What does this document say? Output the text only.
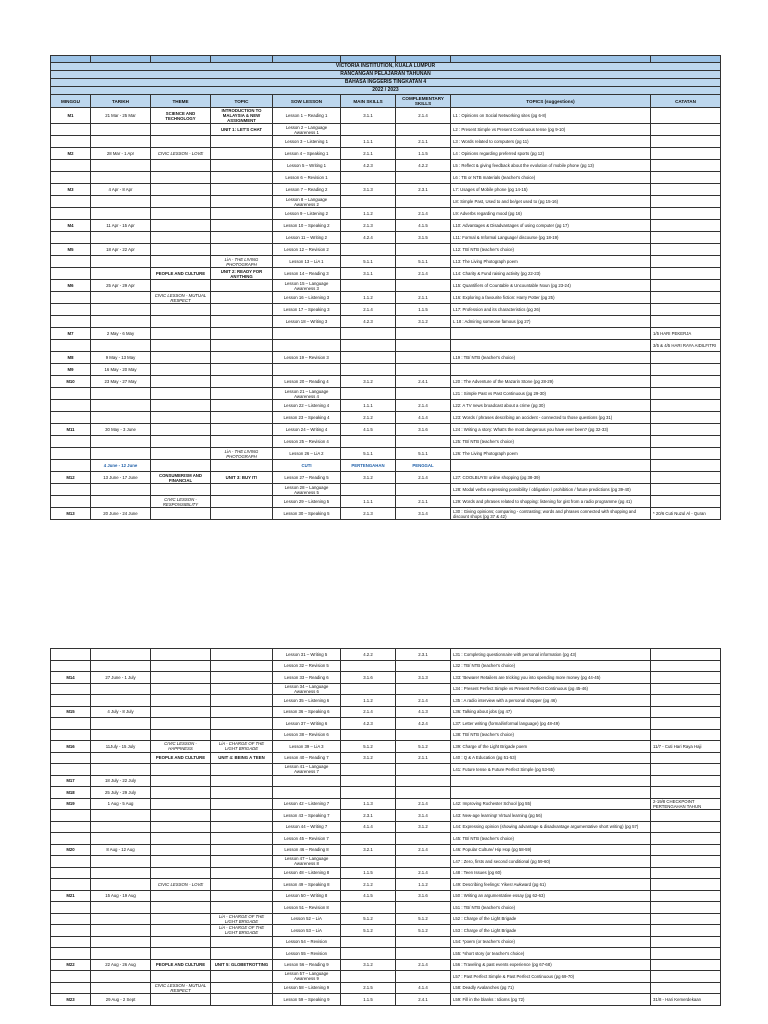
VICTORIA INSTITUTION, KUALA LUMPUR								
RANCANGAN PELAJARAN TAHUNAN								
BAHASA INGGERIS TINGKATAN 4								
2022 / 2023								
MINGGU	TARIKH	THEME	TOPIC	SOW LESSON	MAIN SKILLS	COMPLEMENTARY SKILLS	TOPICS (suggestions)	CATATAN
M1	21 Mar - 25 Mar	SCIENCE AND TECHNOLOGY	INTRODUCTION TO MALAYSIA & NEW ASSIGNMENT	Lesson 1 – Reading 1	3.1.1	2.1.4	L1 : Opinions on Social Networking sites (pg 6-8)	
			UNIT 1: LET'S CHAT	Lesson 2 – Language Awareness 1			L2 : Present Simple vs Present Continuous tense (pg 9-10)	
				Lesson 3 – Listening 1	1.1.1	2.1.1	L3 : Words related to computers (pg 11)	
M2	28 Mar - 1 Apr	CIVIC LESSON - LOVE		Lesson 4 – Speaking 1	2.1.1	1.1.5	L4 : Opinions regarding preferred sports (pg 12)	
				Lesson 5 – Writing 1	4.2.3	4.2.2	L5 : Reflect & giving feedback about the evolution of mobile phone (pg 13)	
				Lesson 6 – Revision 1			L6 : TB or NTB materials (teacher's choice)	
M3	4 Apr - 8 Apr			Lesson 7 – Reading 2	3.1.3	2.3.1	L7: Usages of Mobile phone (pg 14-15)	
				Lesson 8 – Language Awareness 2			L8: Simple Past, Used to and be/get used to (pg 15-16)	
				Lesson 9 – Listening 2	1.1.2	2.1.4	L9: Adverbs regarding mood (pg 16)	
M4	11 Apr - 15 Apr			Lesson 10 – Speaking 2	2.1.3	4.1.5	L10: Advantages & Disadvantages of using computer (pg 17)	
				Lesson 11 – Writing 2	4.2.4	3.1.5	L11: Formal & Informal Language/ discourse (pg 18-19)	
M5	18 Apr - 22 Apr			Lesson 12 – Revision 2			L12: TB/ NTB (teacher's choice)	
			LiA - THE LIVING PHOTOGRAPH	Lesson 13 – LiA 1	5.1.1	5.1.1	L13: The Living Photograph poem	
		PEOPLE AND CULTURE	UNIT 2: READY FOR ANYTHING	Lesson 14 – Reading 3	3.1.1	2.1.4	L14: Charity & Fund raising activity (pg 22-23)	
M6	25 Apr - 29 Apr			Lesson 15 – Language Awareness 3			L15: Quantifiers of Countable & Uncountable Noun (pg 23-24)	
		CIVIC LESSON - MUTUAL RESPECT		Lesson 16 – Listening 3	1.1.2	2.1.1	L16: Exploring a favourite fiction: Harry Potter (pg 25)	
				Lesson 17 – Speaking 3	2.1.4	1.1.5	L17: Profession and its characteristics (pg 26)	
				Lesson 18 – Writing 3	4.2.3	3.1.2	L 18 : Admiring someone famous (pg 27)	
M7	2 May - 6 May							1/5 HARI PEKERJA
								3/5 & 4/5 HARI RAYA AIDILFITRI
M8	9 May - 13 May			Lesson 19 – Revision 3			L19 : TB/ NTB (teacher's choice)	
M9	16 May - 20 May							
M10	23 May - 27 May			Lesson 20 – Reading 4	3.1.2	2.4.1	L20 : The Adventure of the Mazarin Stone (pg 28-29)	
				Lesson 21 – Language Awareness 4			L21 : Simple Past vs Past Continuous (pg 29-30)	
				Lesson 22 – Listening 4	1.1.1	2.1.4	L22: A TV news broadcast about a crime (pg 30)	
				Lesson 23 – Speaking 4	2.1.2	4.1.4	L23: Words / phrases describing an accident - connected to those questions (pg 31)	
M11	30 May - 3 June			Lesson 24 – Writing 4	4.1.5	3.1.6	L24 : Writing a story: What's the most dangerous you have ever been? (pg 32-33)	
				Lesson 25 – Revision 4			L25: TB/ NTB (teacher's choice)	
			LiA - THE LIVING PHOTOGRAPH	Lesson 26 – LiA 2	5.1.1	5.1.1	L26: The Living Photograph poem	
	4 June - 12 June			CUTI	PERTENGAHAN	PENGGAL		
M12	13 June - 17 June	CONSUMERISM AND FINANCIAL	UNIT 3: BUY IT!	Lesson 27 – Reading 5	3.1.2	2.1.4	L27: COOLBUYS! online shopping (pg 38-39)	
				Lesson 28 – Language Awareness 5			L28: Modal verbs expressing possibility / obligation / prohibition / future predictions (pg 39-40)	
		CIVIC LESSON - RESPONSIBILITY		Lesson 29 – Listening 5	1.1.1	2.1.1	L29: Words and phrases related to shopping: listening for gist from a radio programme (pg 41)	
M13	20 June - 24 June			Lesson 30 – Speaking 5	2.1.3	3.1.4	L30 : Giving opinions; comparing - contrasting; words and phrases connected with shopping and discount shops (pg 37 & 42)	* 20/6 Cuti Nuzul Al - Quran
				Lesson 31 – Writing 5	4.2.2	2.3.1	L31 : Completing questionnaire with personal information (pg 43)	
				Lesson 32 – Revision 5			L32 : TB/ NTB (teacher's choice)	
M14	27 June - 1 July			Lesson 33 – Reading 6	3.1.6	3.1.3	L33: 'Beware! Retailers are tricking you into spending more money (pg 44-45)	
				Lesson 34 – Language Awareness 6			L34 : Present Perfect Simple vs Present Perfect Continuous (pg 45-46)	
				Lesson 35 – Listening 6	1.1.2	2.1.4	L35 : A radio interview with a personal shopper (pg 46)	
M15	4 July - 8 July			Lesson 36 – Speaking 6	2.1.4	4.1.3	L36: Talking about jobs (pg 47)	
				Lesson 37 – Writing 6	4.2.3	4.2.4	L37: Letter writing (formal/informal language) (pg 48-49)	
				Lesson 38 – Revision 6			L38: TB/ NTB (teacher's choice)	
M16	11July - 15 July	CIVIC LESSON - HAPPINESS	LiA - CHARGE OF THE LIGHT BRIGADE	Lesson 39 – LiA 3	5.1.2	5.1.2	L39: Charge of the Light Brigade poem	11/7 - Cuti Hari Raya Haji
		PEOPLE AND CULTURE	UNIT 4: BEING A TEEN	Lesson 40 – Reading 7	3.1.2	2.1.1	L40 : Q & A Education (pg 51-53)	
				Lesson 41 – Language Awareness 7			L41: Future tense & Future Perfect Simple (pg 53-55)	
M17	18 July - 22 July							
M18	25 July - 29 July							
M19	1 Aug - 5 Aug			Lesson 42 – Listening 7	1.1.3	2.1.4	L42: Improving Rochester School (pg 55)	2-19/8 CHECKPOINT PERTENGAHAN TAHUN
				Lesson 43 – Speaking 7	2.3.1	3.1.4	L43: New-age learning! Virtual learning (pg 56)	
				Lesson 44 – Writing 7	4.1.4	3.1.2	L44: Expressing opinion (showing advantage & disadvantage argumentative short writing) (pg 57)	
				Lesson 45 – Revision 7			L45: TB/ NTB (teacher's choice)	
M20	8 Aug - 12 Aug			Lesson 46 – Reading 8	3.2.1	2.1.4	L46: Popular Culture/ Hip Hop (pg 58-59)	
				Lesson 47 – Language Awareness 8			L47 : Zero, firsts and second conditional (pg 59-60)	
				Lesson 48 – Listening 8	1.1.5	2.1.4	L48 : Teen Issues (pg 60)	
		CIVIC LESSON - LOVE		Lesson 49 – Speaking 8	2.1.2	1.1.2	L49: Describing feelings: Yikes! Awkward (pg 61)	
M21	15 Aug - 19 Aug			Lesson 50 – Writing 8	4.1.5	3.1.6	L50 : Writing an argumentative essay (pg 62-63)	
				Lesson 51 – Revision 8			L51 : TB/ NTB (teacher's choice)	
			LiA - CHARGE OF THE LIGHT BRIGADE	Lesson 52 – LiA	5.1.2	5.1.2	L52 : Charge of the Light Brigade	
			LiA - CHARGE OF THE LIGHT BRIGADE	Lesson 53 – LiA	5.1.2	5.1.2	L53 : Charge of the Light Brigade	
				Lesson 54 – Revision			L54: *poem (or teacher's choice)	
				Lesson 55 – Revision			L55: *short story (or teacher's choice)	
M22	22 Aug - 26 Aug	PEOPLE AND CULTURE	UNIT 5: GLOBETROTTING	Lesson 56 – Reading 9	3.1.2	2.1.4	L56 : Traveling & past events experience (pg 67-68)	
				Lesson 57 – Language Awareness 9			L57 : Past Perfect Simple & Past Perfect Continuous (pg 69-70)	
		CIVIC LESSON - MUTUAL RESPECT		Lesson 58 – Listening 9	2.1.5	4.1.4	L58: Deadly Avalanches (pg 71)	
M23	29 Aug - 2 Sept			Lesson 59 – Speaking 9	1.1.5	2.4.1	L59: Fill in the blanks : Idioms (pg 72)	31/8 - Hari Kemerdekaan
